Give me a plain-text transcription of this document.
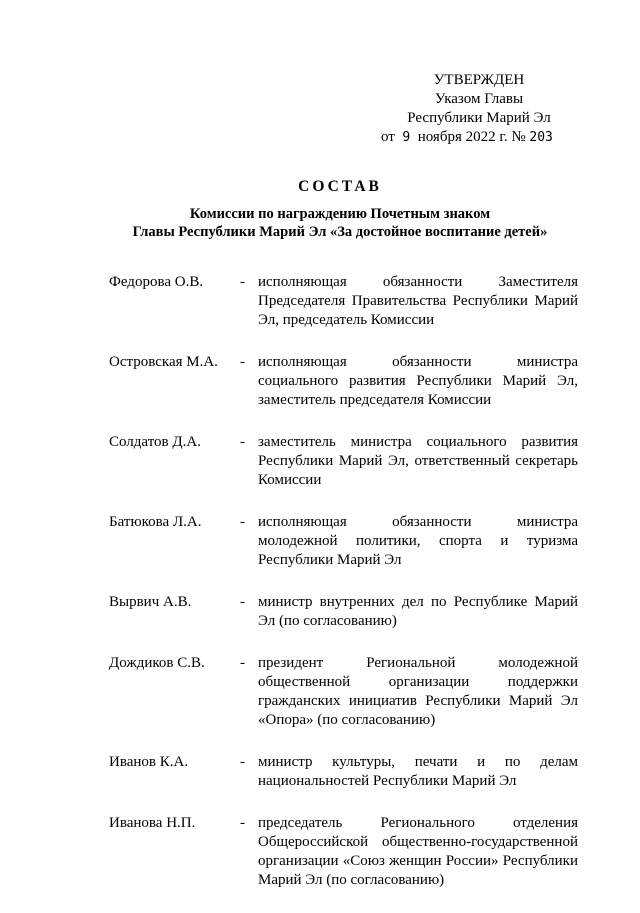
УТВЕРЖДЕН
Указом Главы
Республики Марий Эл
от 9 ноября 2022 г. № 203
СОСТАВ
Комиссии по награждению Почетным знаком
Главы Республики Марий Эл «За достойное воспитание детей»
Федорова О.В.	- исполняющая обязанности Заместителя Председателя Правительства Республики Марий Эл, председатель Комиссии
Островская М.А.	- исполняющая обязанности министра социального развития Республики Марий Эл, заместитель председателя Комиссии
Солдатов Д.А.	- заместитель министра социального развития Республики Марий Эл, ответственный секретарь Комиссии
Батюкова Л.А.	- исполняющая обязанности министра молодежной политики, спорта и туризма Республики Марий Эл
Вырвич А.В.	- министр внутренних дел по Республике Марий Эл (по согласованию)
Дождиков С.В.	- президент Региональной молодежной общественной организации поддержки гражданских инициатив Республики Марий Эл «Опора» (по согласованию)
Иванов К.А.	- министр культуры, печати и по делам национальностей Республики Марий Эл
Иванова Н.П.	- председатель Регионального отделения Общероссийской общественно-государственной организации «Союз женщин России» Республики Марий Эл (по согласованию)
